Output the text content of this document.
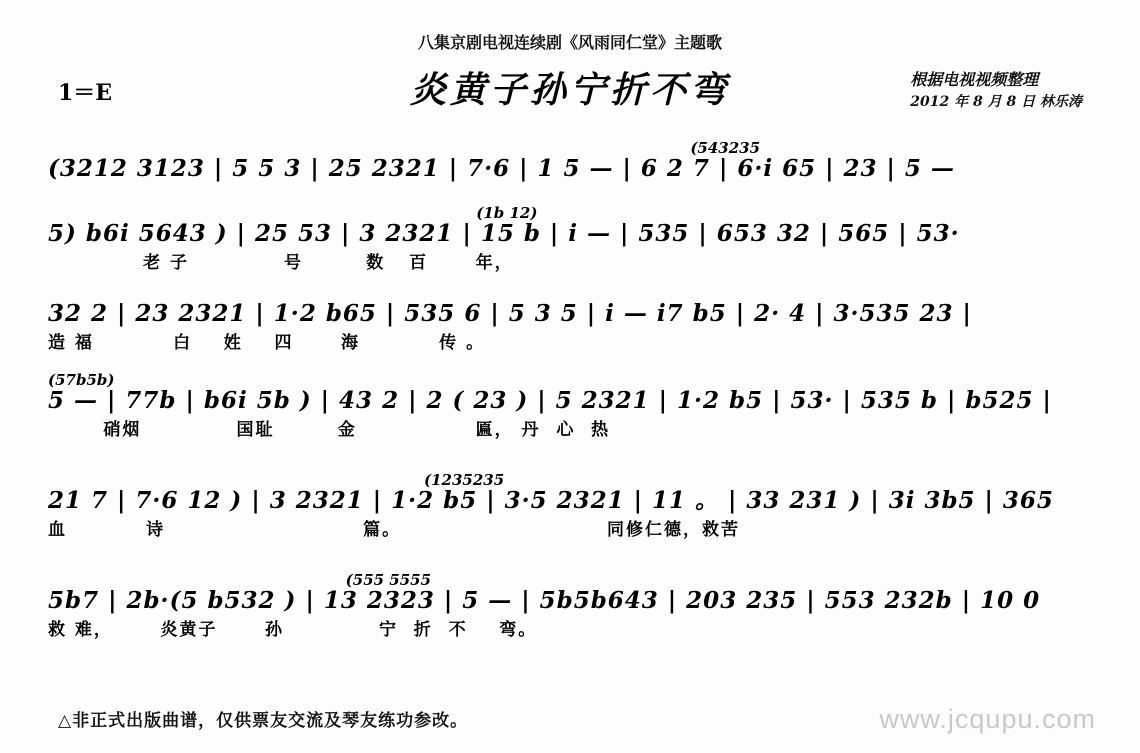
八集京剧电视连续剧《风雨同仁堂》主题歌
炎黄子孙宁折不弯
1＝E
根据电视视频整理
2012 年 8 月 8 日 林乐涛
(543235
(3212 3123 | 5 5 3 | 25 2321 | 7·6 | 1 5 — | 6 2 7 | 6·i 65 | 23 | 5 —
(1b 12)
5) b6i 5643 ) | 25 53 | 3 2321 | 15 b | i — | 535 | 653 32 | 565 | 53·
老 子            号        数   百      年，
32 2 | 23 2321 | 1·2 b65 | 535 6 | 5 3 5 | i — i7 b5 | 2· 4 | 3·535 23 |
造 福          白    姓    四      海          传 。
(57b5b)
5 — | 77b | b6i 5b ) | 43 2 | 2 ( 23 ) | 5 2321 | 1·2 b5 | 53· | 535 b | b525 |
硝烟            国耻        金               匾， 丹  心  热
(1235235
21 7 | 7·6 12 ) | 3 2321 | 1·2 b5 | 3·5 2321 | 11 。 | 33 231 ) | 3i 3b5 | 365
血          诗                         篇。                          同修仁德，救苦
(555 5555
5b7 | 2b·(5 b532 ) | 13 2323 | 5 — | 5b5b643 | 203 235 | 553 232b | 10 0
救 难，      炎黄子      孙            宁  折  不    弯。
△非正式出版曲谱，仅供票友交流及琴友练功参改。	www.jcqupu.com
